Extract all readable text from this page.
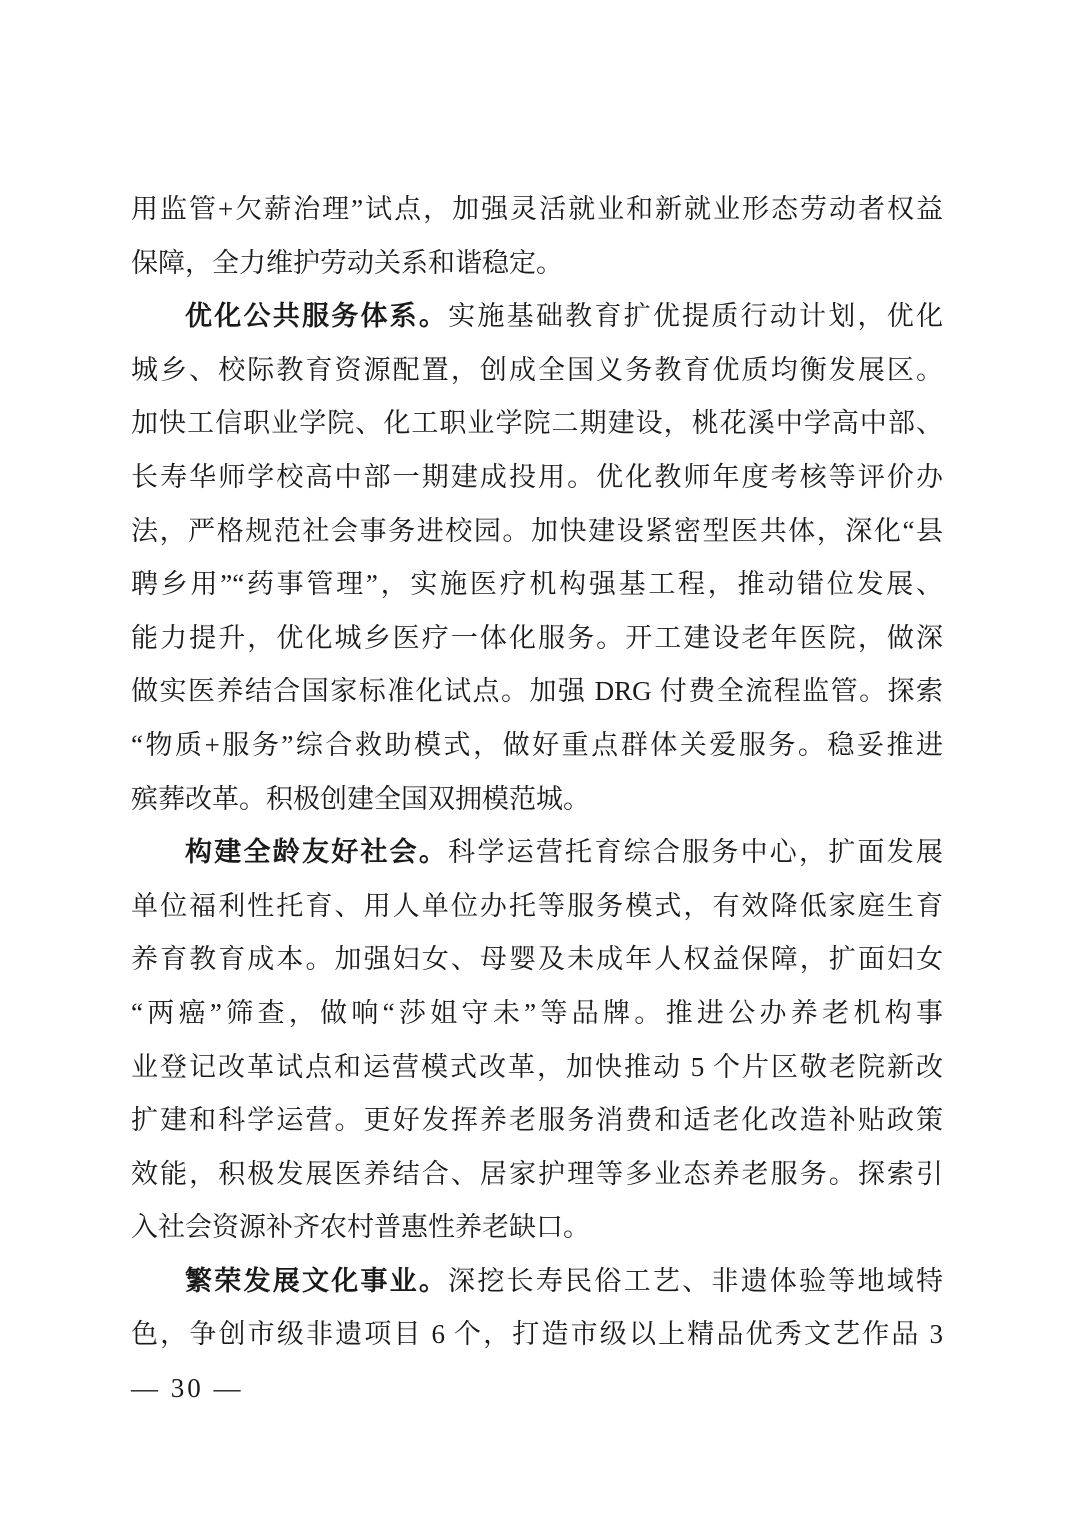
用监管+欠薪治理”试点，加强灵活就业和新就业形态劳动者权益
保障，全力维护劳动关系和谐稳定。
优化公共服务体系。实施基础教育扩优提质行动计划，优化
城乡、校际教育资源配置，创成全国义务教育优质均衡发展区。
加快工信职业学院、化工职业学院二期建设，桃花溪中学高中部、
长寿华师学校高中部一期建成投用。优化教师年度考核等评价办
法，严格规范社会事务进校园。加快建设紧密型医共体，深化“县
聘乡用”“药事管理”，实施医疗机构强基工程，推动错位发展、
能力提升，优化城乡医疗一体化服务。开工建设老年医院，做深
做实医养结合国家标准化试点。加强 DRG 付费全流程监管。探索
“物质+服务”综合救助模式，做好重点群体关爱服务。稳妥推进
殡葬改革。积极创建全国双拥模范城。
构建全龄友好社会。科学运营托育综合服务中心，扩面发展
单位福利性托育、用人单位办托等服务模式，有效降低家庭生育
养育教育成本。加强妇女、母婴及未成年人权益保障，扩面妇女
“两癌”筛查，做响“莎姐守未”等品牌。推进公办养老机构事
业登记改革试点和运营模式改革，加快推动 5 个片区敬老院新改
扩建和科学运营。更好发挥养老服务消费和适老化改造补贴政策
效能，积极发展医养结合、居家护理等多业态养老服务。探索引
入社会资源补齐农村普惠性养老缺口。
繁荣发展文化事业。深挖长寿民俗工艺、非遗体验等地域特
色，争创市级非遗项目 6 个，打造市级以上精品优秀文艺作品 3
— 30 —
